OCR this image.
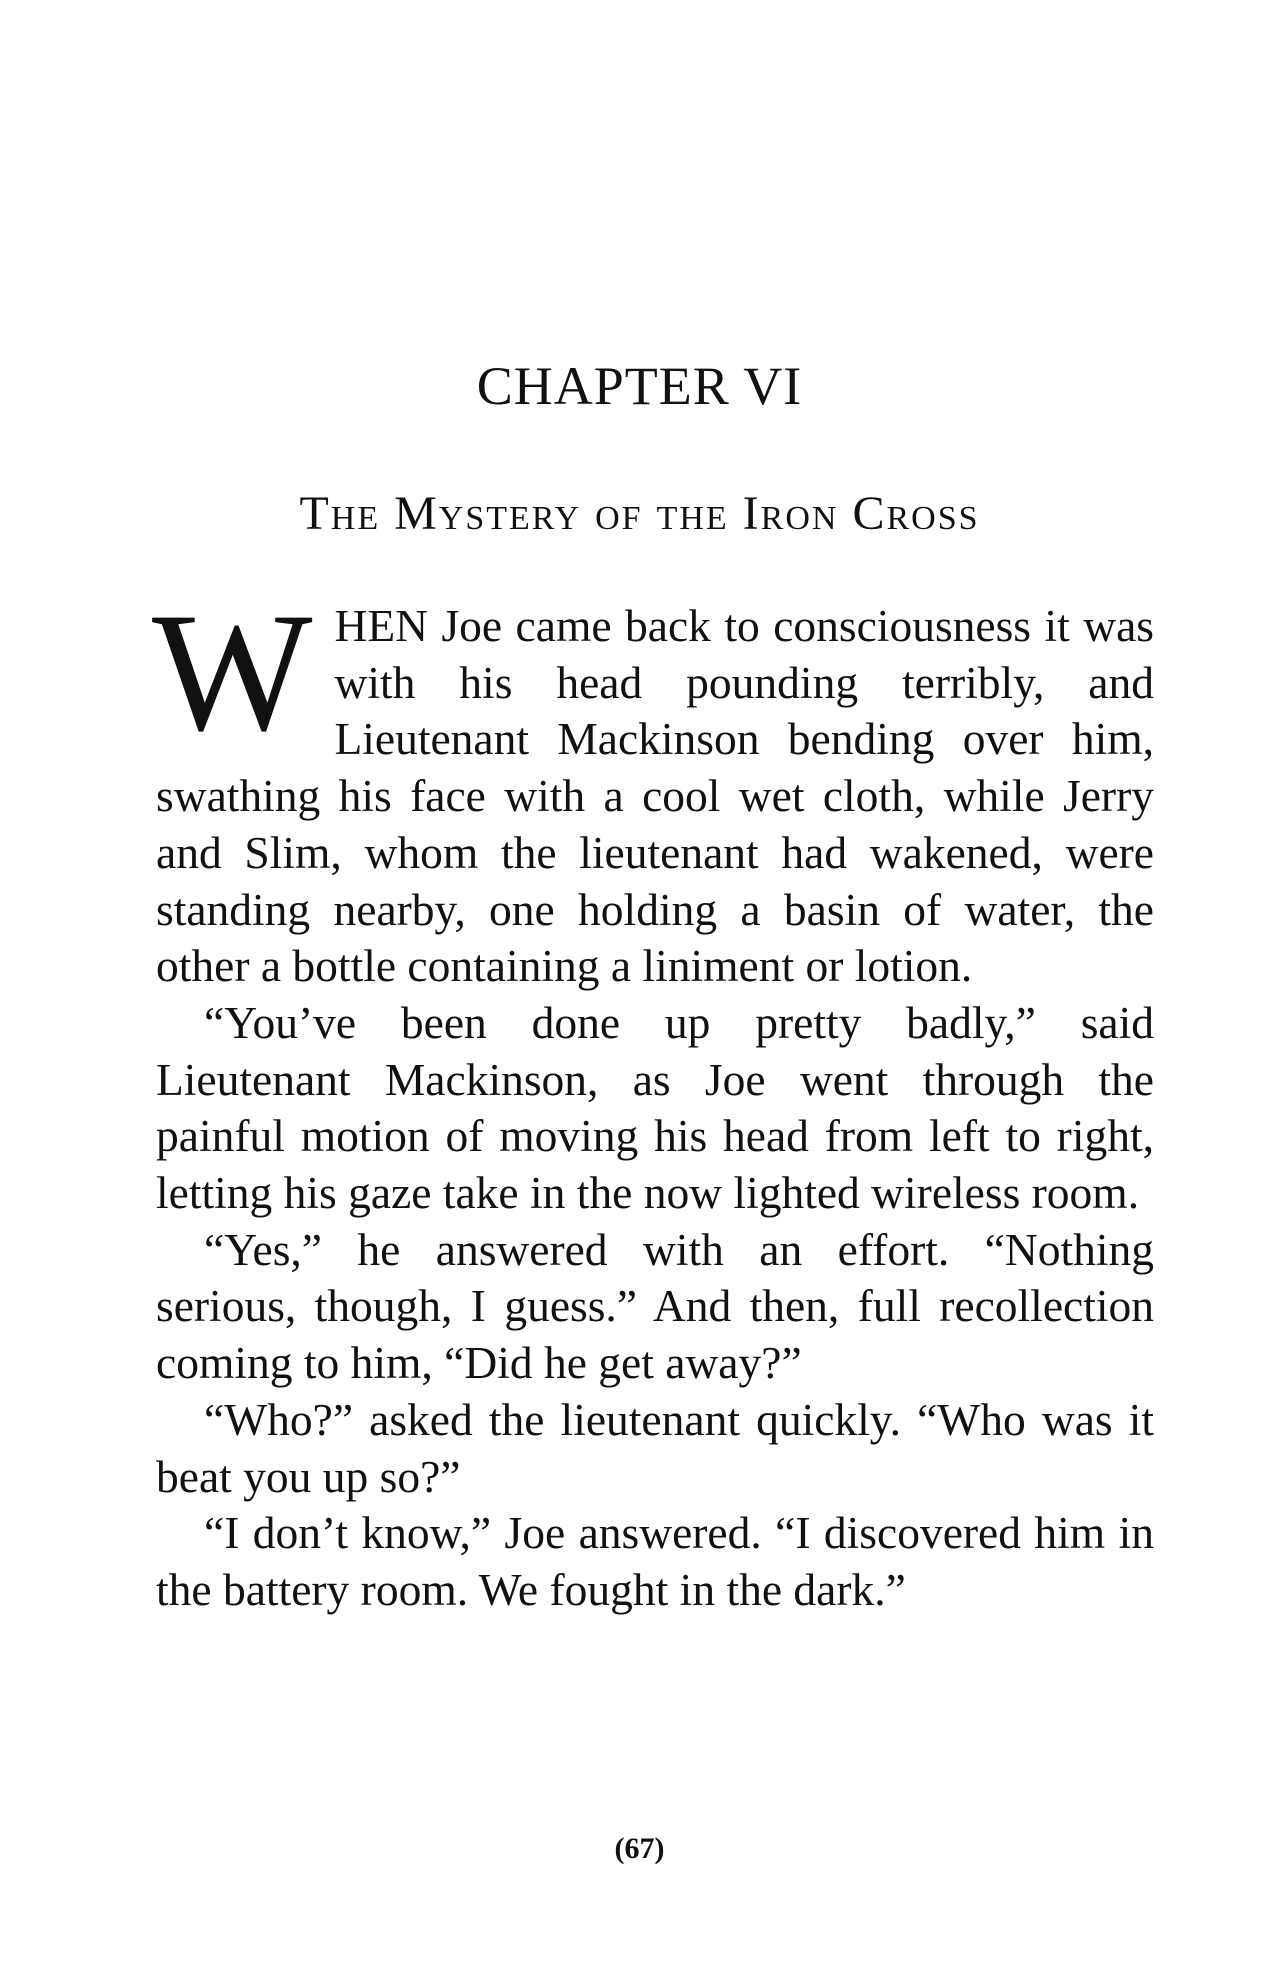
CHAPTER VI
The Mystery of the Iron Cross

WHEN Joe came back to consciousness it was with his head pounding terribly, and Lieutenant Mackinson bending over him, swathing his face with a cool wet cloth, while Jerry and Slim, whom the lieutenant had wakened, were standing nearby, one holding a basin of water, the other a bottle containing a liniment or lotion.

“You’ve been done up pretty badly,” said Lieutenant Mackinson, as Joe went through the painful motion of moving his head from left to right, letting his gaze take in the now lighted wireless room.

“Yes,” he answered with an effort. “Nothing serious, though, I guess.” And then, full recollection coming to him, “Did he get away?”

“Who?” asked the lieutenant quickly. “Who was it beat you up so?”

“I don’t know,” Joe answered. “I discovered him in the battery room. We fought in the dark.”

(67)
